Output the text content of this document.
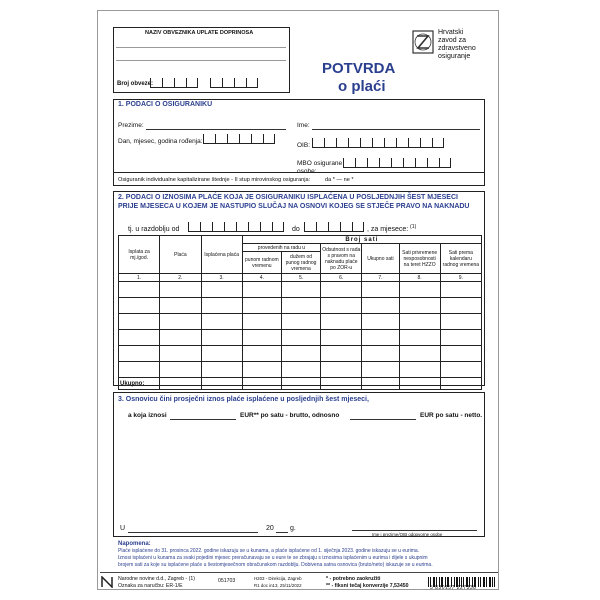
NAZIV OBVEZNIKA UPLATE DOPRINOSA
Broj obveze:
Hrvatski
zavod za
zdravstveno
osiguranje
POTVRDA
o plaći
1. PODACI O OSIGURANIKU
Prezime:	Ime:
Dan, mjesec, godina rođenja:
OIB:
MBO osigurane osobe:
Osiguranik individualne kapitalizirane štednje - II stup mirovinskog osiguranja:	da * — ne *
2. PODACI O IZNOSIMA PLAĆE KOJA JE OSIGURANIKU ISPLAĆENA U POSLJEDNJIH ŠEST MJESECI
PRIJE MJESECA U KOJEM JE NASTUPIO SLUČAJ NA OSNOVI KOJEG SE STJEČE PRAVO NA NAKNADU
tj. u razdoblju od	do	, za mjesece: (1)
Isplata za mj./god.	Plaća	Isplaćena plaća	Broj sati					
			provedenih na radu u		Odsutnost s rada s pravom na naknadu plaće po ZOR-u	Ukupno sati	Sati privremene nesposobnosti na teret HZZO	Sati prema kalendaru radnog vremena
			punom radnom vremenu	dužem od punog radnog vremena				
1.	2.	3.	4.	5.	6.	7.	8.	9.

Ukupno:								
3. Osnovicu čini prosječni iznos plaće isplaćene u posljednjih šest mjeseci,
a koja iznosi	EUR** po satu - brutto, odnosno	EUR po satu - netto.
U	20 g.
Ime i prezime/OIB odgovorne osobe
Napomena:
Plaće isplaćene do 31. prosinca 2022. godine iskazuju se u kunama, a plaće isplaćene od 1. siječnja 2023. godine iskazuju se u eurima.
Iznosi isplaćeni u kunama za svaki pojedini mjesec preračunavaju se u eure te se zbrajaju s iznosima isplaćenim u eurima i dijele s ukupnim
brojem sati za koje su isplaćene plaće u šestomjesečnom obračunskom razdoblju. Dobivena satna osnovica (bruto/neto) iskazuje se u eurima.
Narodne novine d.d., Zagreb - (1)
Oznaka za naručbu: ER-1/E
051703	H203 - Direkcija, Zagreb
R1 doc in13, 25/11/2022
* - potrebno zaokružiti
** - fiksni tečaj konverzije 7,53450	5 830157 227338
